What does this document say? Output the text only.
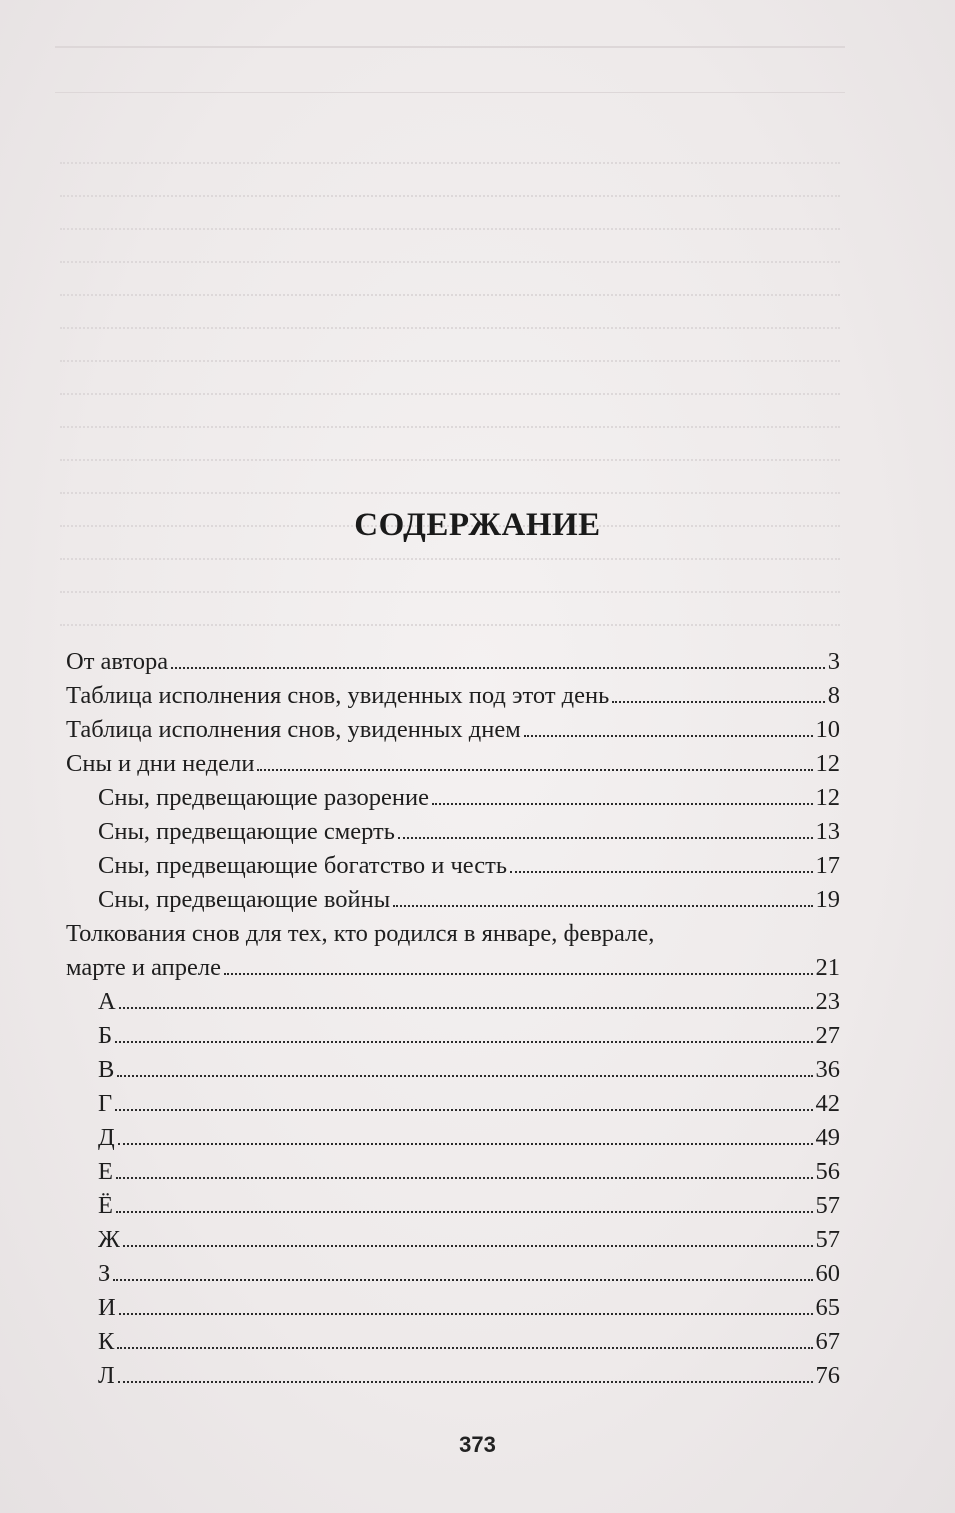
СОДЕРЖАНИЕ
От автора	3
Таблица исполнения снов, увиденных под этот день	8
Таблица исполнения снов, увиденных днем	10
Сны и дни недели	12
Сны, предвещающие разорение	12
Сны, предвещающие смерть	13
Сны, предвещающие богатство и честь	17
Сны, предвещающие войны	19
Толкования снов для тех, кто родился в январе, феврале,
марте и апреле	21
А	23
Б	27
В	36
Г	42
Д	49
Е	56
Ё	57
Ж	57
З	60
И	65
К	67
Л	76
373
